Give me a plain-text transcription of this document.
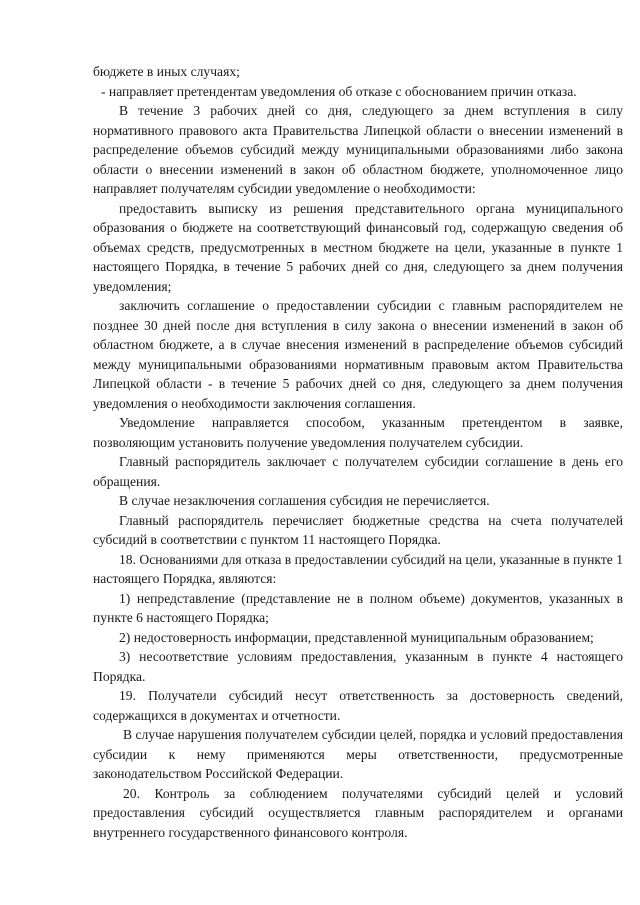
бюджете в иных случаях;

- направляет претендентам уведомления об отказе с обоснованием причин отказа.

В течение 3 рабочих дней со дня, следующего за днем вступления в силу нормативного правового акта Правительства Липецкой области о внесении изменений в распределение объемов субсидий между муниципальными образованиями либо закона области о внесении изменений в закон об областном бюджете, уполномоченное лицо направляет получателям субсидии уведомление о необходимости:

предоставить выписку из решения представительного органа муниципального образования о бюджете на соответствующий финансовый год, содержащую сведения об объемах средств, предусмотренных в местном бюджете на цели, указанные в пункте 1 настоящего Порядка, в течение 5 рабочих дней со дня, следующего за днем получения уведомления;

заключить соглашение о предоставлении субсидии с главным распорядителем не позднее 30 дней после дня вступления в силу закона о внесении изменений в закон об областном бюджете, а в случае внесения изменений в распределение объемов субсидий между муниципальными образованиями нормативным правовым актом Правительства Липецкой области - в течение 5 рабочих дней со дня, следующего за днем получения уведомления о необходимости заключения соглашения.

Уведомление направляется способом, указанным претендентом в заявке, позволяющим установить получение уведомления получателем субсидии.

Главный распорядитель заключает с получателем субсидии соглашение в день его обращения.

В случае незаключения соглашения субсидия не перечисляется.

Главный распорядитель перечисляет бюджетные средства на счета получателей субсидий в соответствии с пунктом 11 настоящего Порядка.

18. Основаниями для отказа в предоставлении субсидий на цели, указанные в пункте 1 настоящего Порядка, являются:

1) непредставление (представление не в полном объеме) документов, указанных в пункте 6 настоящего Порядка;

2) недостоверность информации, представленной муниципальным образованием;

3) несоответствие условиям предоставления, указанным в пункте 4 настоящего Порядка.

19. Получатели субсидий несут ответственность за достоверность сведений, содержащихся в документах и отчетности.

В случае нарушения получателем субсидии целей, порядка и условий предоставления субсидии к нему применяются меры ответственности, предусмотренные законодательством Российской Федерации.

20. Контроль за соблюдением получателями субсидий целей и условий предоставления субсидий осуществляется главным распорядителем и органами внутреннего государственного финансового контроля.
